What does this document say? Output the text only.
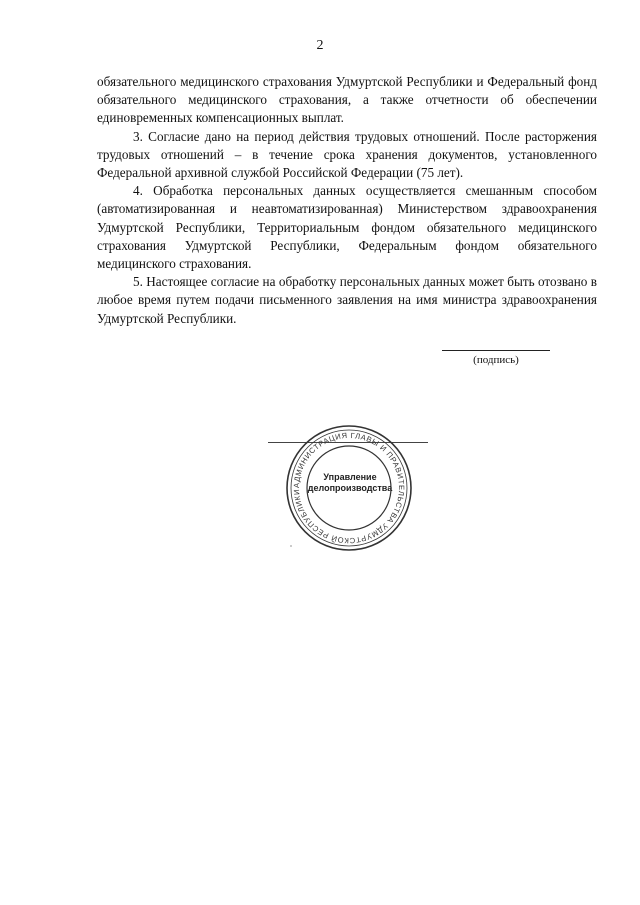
2

обязательного медицинского страхования Удмуртской Республики и Федеральный фонд обязательного медицинского страхования, а также отчетности об обеспечении единовременных компенсационных выплат.

3. Согласие дано на период действия трудовых отношений. После расторжения трудовых отношений – в течение срока хранения документов, установленного Федеральной архивной службой Российской Федерации (75 лет).

4. Обработка персональных данных осуществляется смешанным способом (автоматизированная и неавтоматизированная) Министерством здравоохранения Удмуртской Республики, Территориальным фондом обязательного медицинского страхования Удмуртской Республики, Федеральным фондом обязательного медицинского страхования.

5. Настоящее согласие на обработку персональных данных может быть отозвано в любое время путем подачи письменного заявления на имя министра здравоохранения Удмуртской Республики.

(подпись)
АДМИНИСТРАЦИЯ ГЛАВЫ И ПРАВИТЕЛЬСТВА УДМУРТСКОЙ РЕСПУБЛИКИ
Управление
делопроизводства
